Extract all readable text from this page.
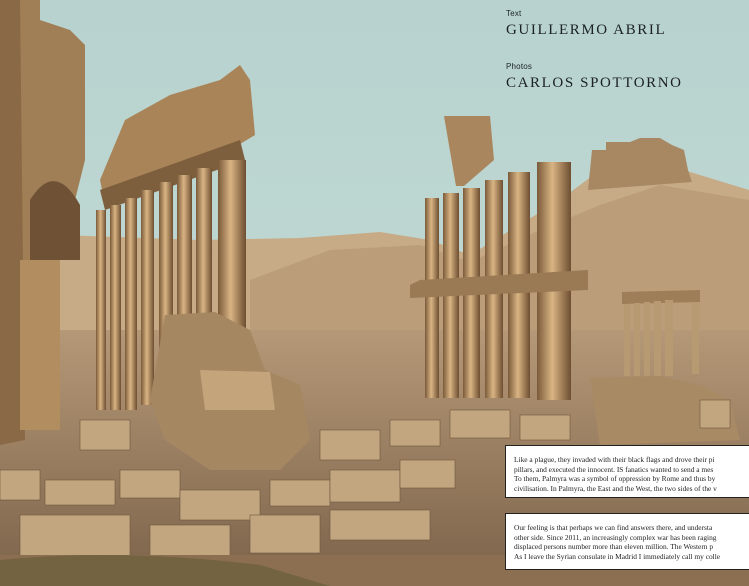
Text
GUILLERMO ABRIL
Photos
CARLOS SPOTTORNO

Like a plague, they invaded with their black flags and drove their pi

pillars, and executed the innocent. IS fanatics wanted to send a mes

To them, Palmyra was a symbol of oppression by Rome and thus by

civilisation. In Palmyra, the East and the West, the two sides of the v

Our feeling is that perhaps we can find answers there, and understa

other side. Since 2011, an increasingly complex war has been raging

displaced persons number more than eleven million. The Western p

As I leave the Syrian consulate in Madrid I immediately call my colle
